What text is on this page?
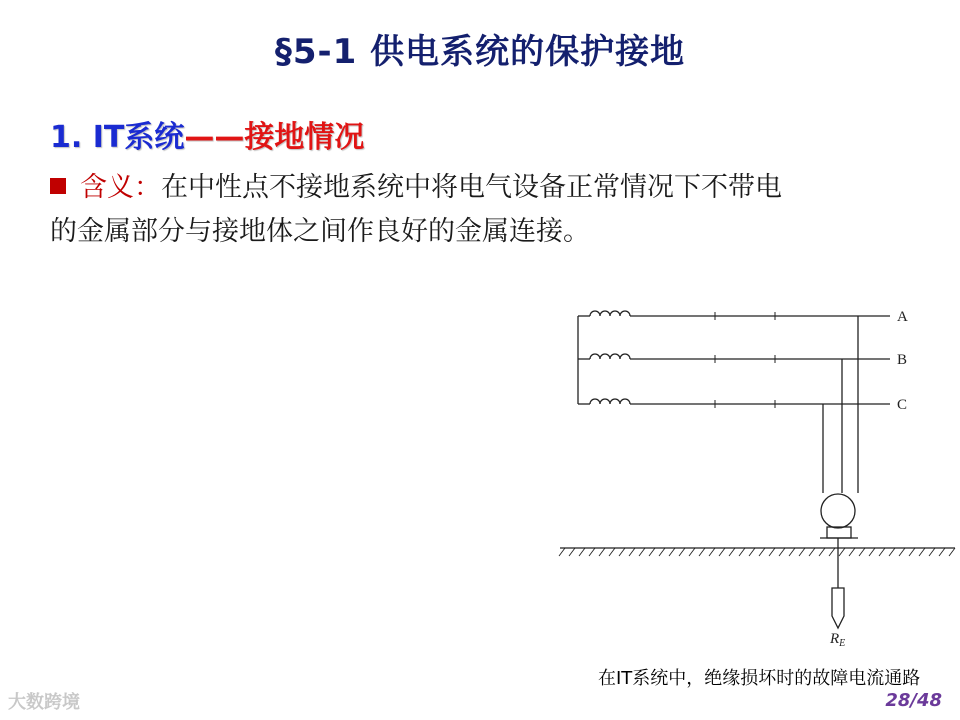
§5-1 供电系统的保护接地
1. IT系统——接地情况
含义：在中性点不接地系统中将电气设备正常情况下不带电
的金属部分与接地体之间作良好的金属连接。
A
B
C
$R_E$
在IT系统中，绝缘损坏时的故障电流通路
28/48
大数跨境
